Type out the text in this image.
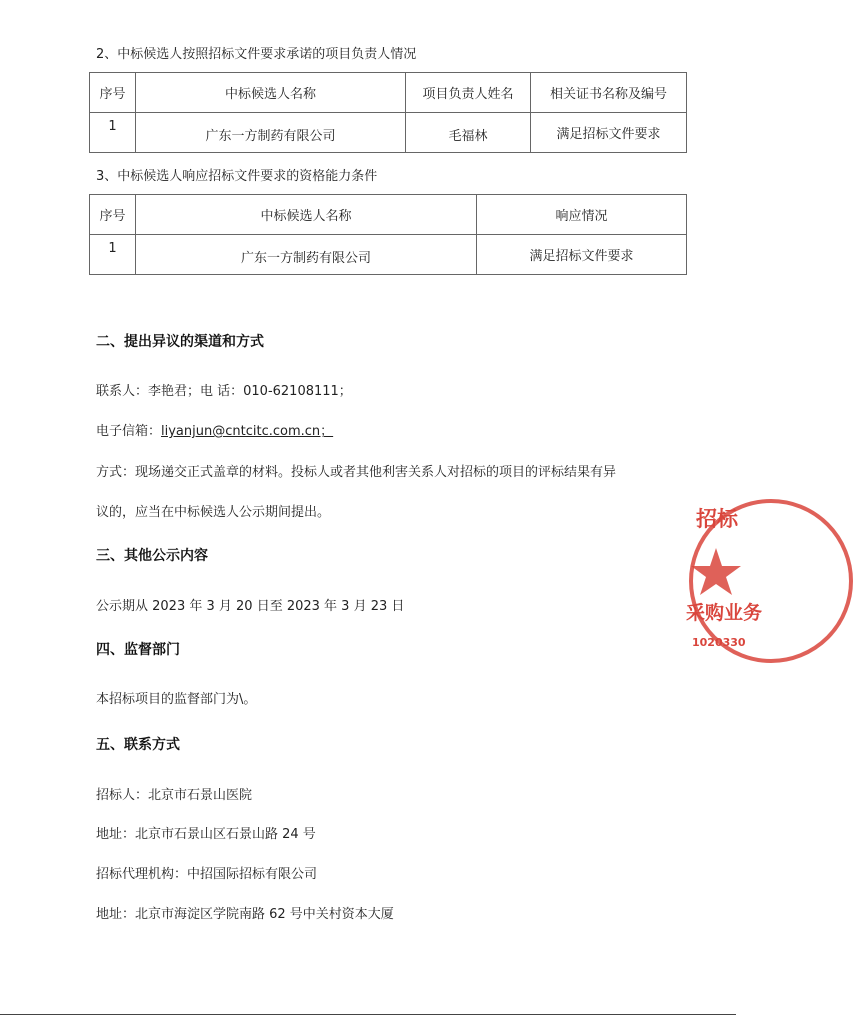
2、中标候选人按照招标文件要求承诺的项目负责人情况
序号	中标候选人名称	项目负责人姓名	相关证书名称及编号
1	广东一方制药有限公司	毛福林	满足招标文件要求
3、中标候选人响应招标文件要求的资格能力条件
序号	中标候选人名称	响应情况
1	广东一方制药有限公司	满足招标文件要求
二、提出异议的渠道和方式
联系人：李艳君；电 话：010-62108111；
电子信箱：liyanjun@cntcitc.com.cn；
方式：现场递交正式盖章的材料。投标人或者其他利害关系人对招标的项目的评标结果有异
议的，应当在中标候选人公示期间提出。
三、其他公示内容
公示期从 2023 年 3 月 20 日至 2023 年 3 月 23 日
四、监督部门
本招标项目的监督部门为\。
五、联系方式
招标人：北京市石景山医院
地址：北京市石景山区石景山路 24 号
招标代理机构：中招国际招标有限公司
地址：北京市海淀区学院南路 62 号中关村资本大厦
招标
采购业务
1020330
